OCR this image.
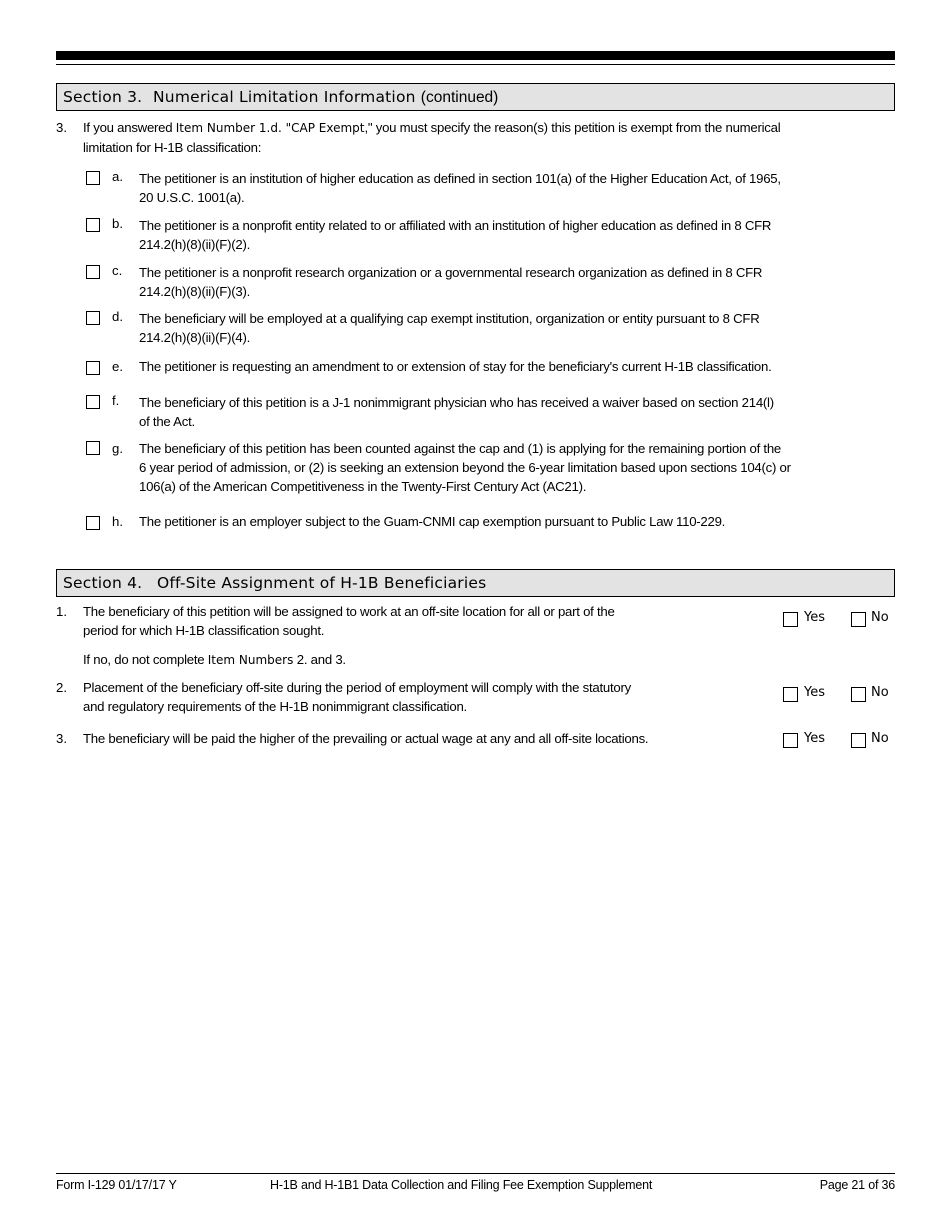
Section 3. Numerical Limitation Information (continued)
3. If you answered Item Number 1.d. "CAP Exempt," you must specify the reason(s) this petition is exempt from the numerical
limitation for H-1B classification:
a. The petitioner is an institution of higher education as defined in section 101(a) of the Higher Education Act, of 1965,
20 U.S.C. 1001(a).
b. The petitioner is a nonprofit entity related to or affiliated with an institution of higher education as defined in 8 CFR
214.2(h)(8)(ii)(F)(2).
c. The petitioner is a nonprofit research organization or a governmental research organization as defined in 8 CFR
214.2(h)(8)(ii)(F)(3).
d. The beneficiary will be employed at a qualifying cap exempt institution, organization or entity pursuant to 8 CFR
214.2(h)(8)(ii)(F)(4).
e. The petitioner is requesting an amendment to or extension of stay for the beneficiary's current H-1B classification.
f. The beneficiary of this petition is a J-1 nonimmigrant physician who has received a waiver based on section 214(l)
of the Act.
g. The beneficiary of this petition has been counted against the cap and (1) is applying for the remaining portion of the
6 year period of admission, or (2) is seeking an extension beyond the 6-year limitation based upon sections 104(c) or
106(a) of the American Competitiveness in the Twenty-First Century Act (AC21).
h. The petitioner is an employer subject to the Guam-CNMI cap exemption pursuant to Public Law 110-229.
Section 4. Off-Site Assignment of H-1B Beneficiaries
1. The beneficiary of this petition will be assigned to work at an off-site location for all or part of the
period for which H-1B classification sought.
Yes	No
If no, do not complete Item Numbers 2. and 3.
2. Placement of the beneficiary off-site during the period of employment will comply with the statutory
and regulatory requirements of the H-1B nonimmigrant classification.
Yes	No
3. The beneficiary will be paid the higher of the prevailing or actual wage at any and all off-site locations.	Yes	No
Form I-129 01/17/17 Y	H-1B and H-1B1 Data Collection and Filing Fee Exemption Supplement	Page 21 of 36
